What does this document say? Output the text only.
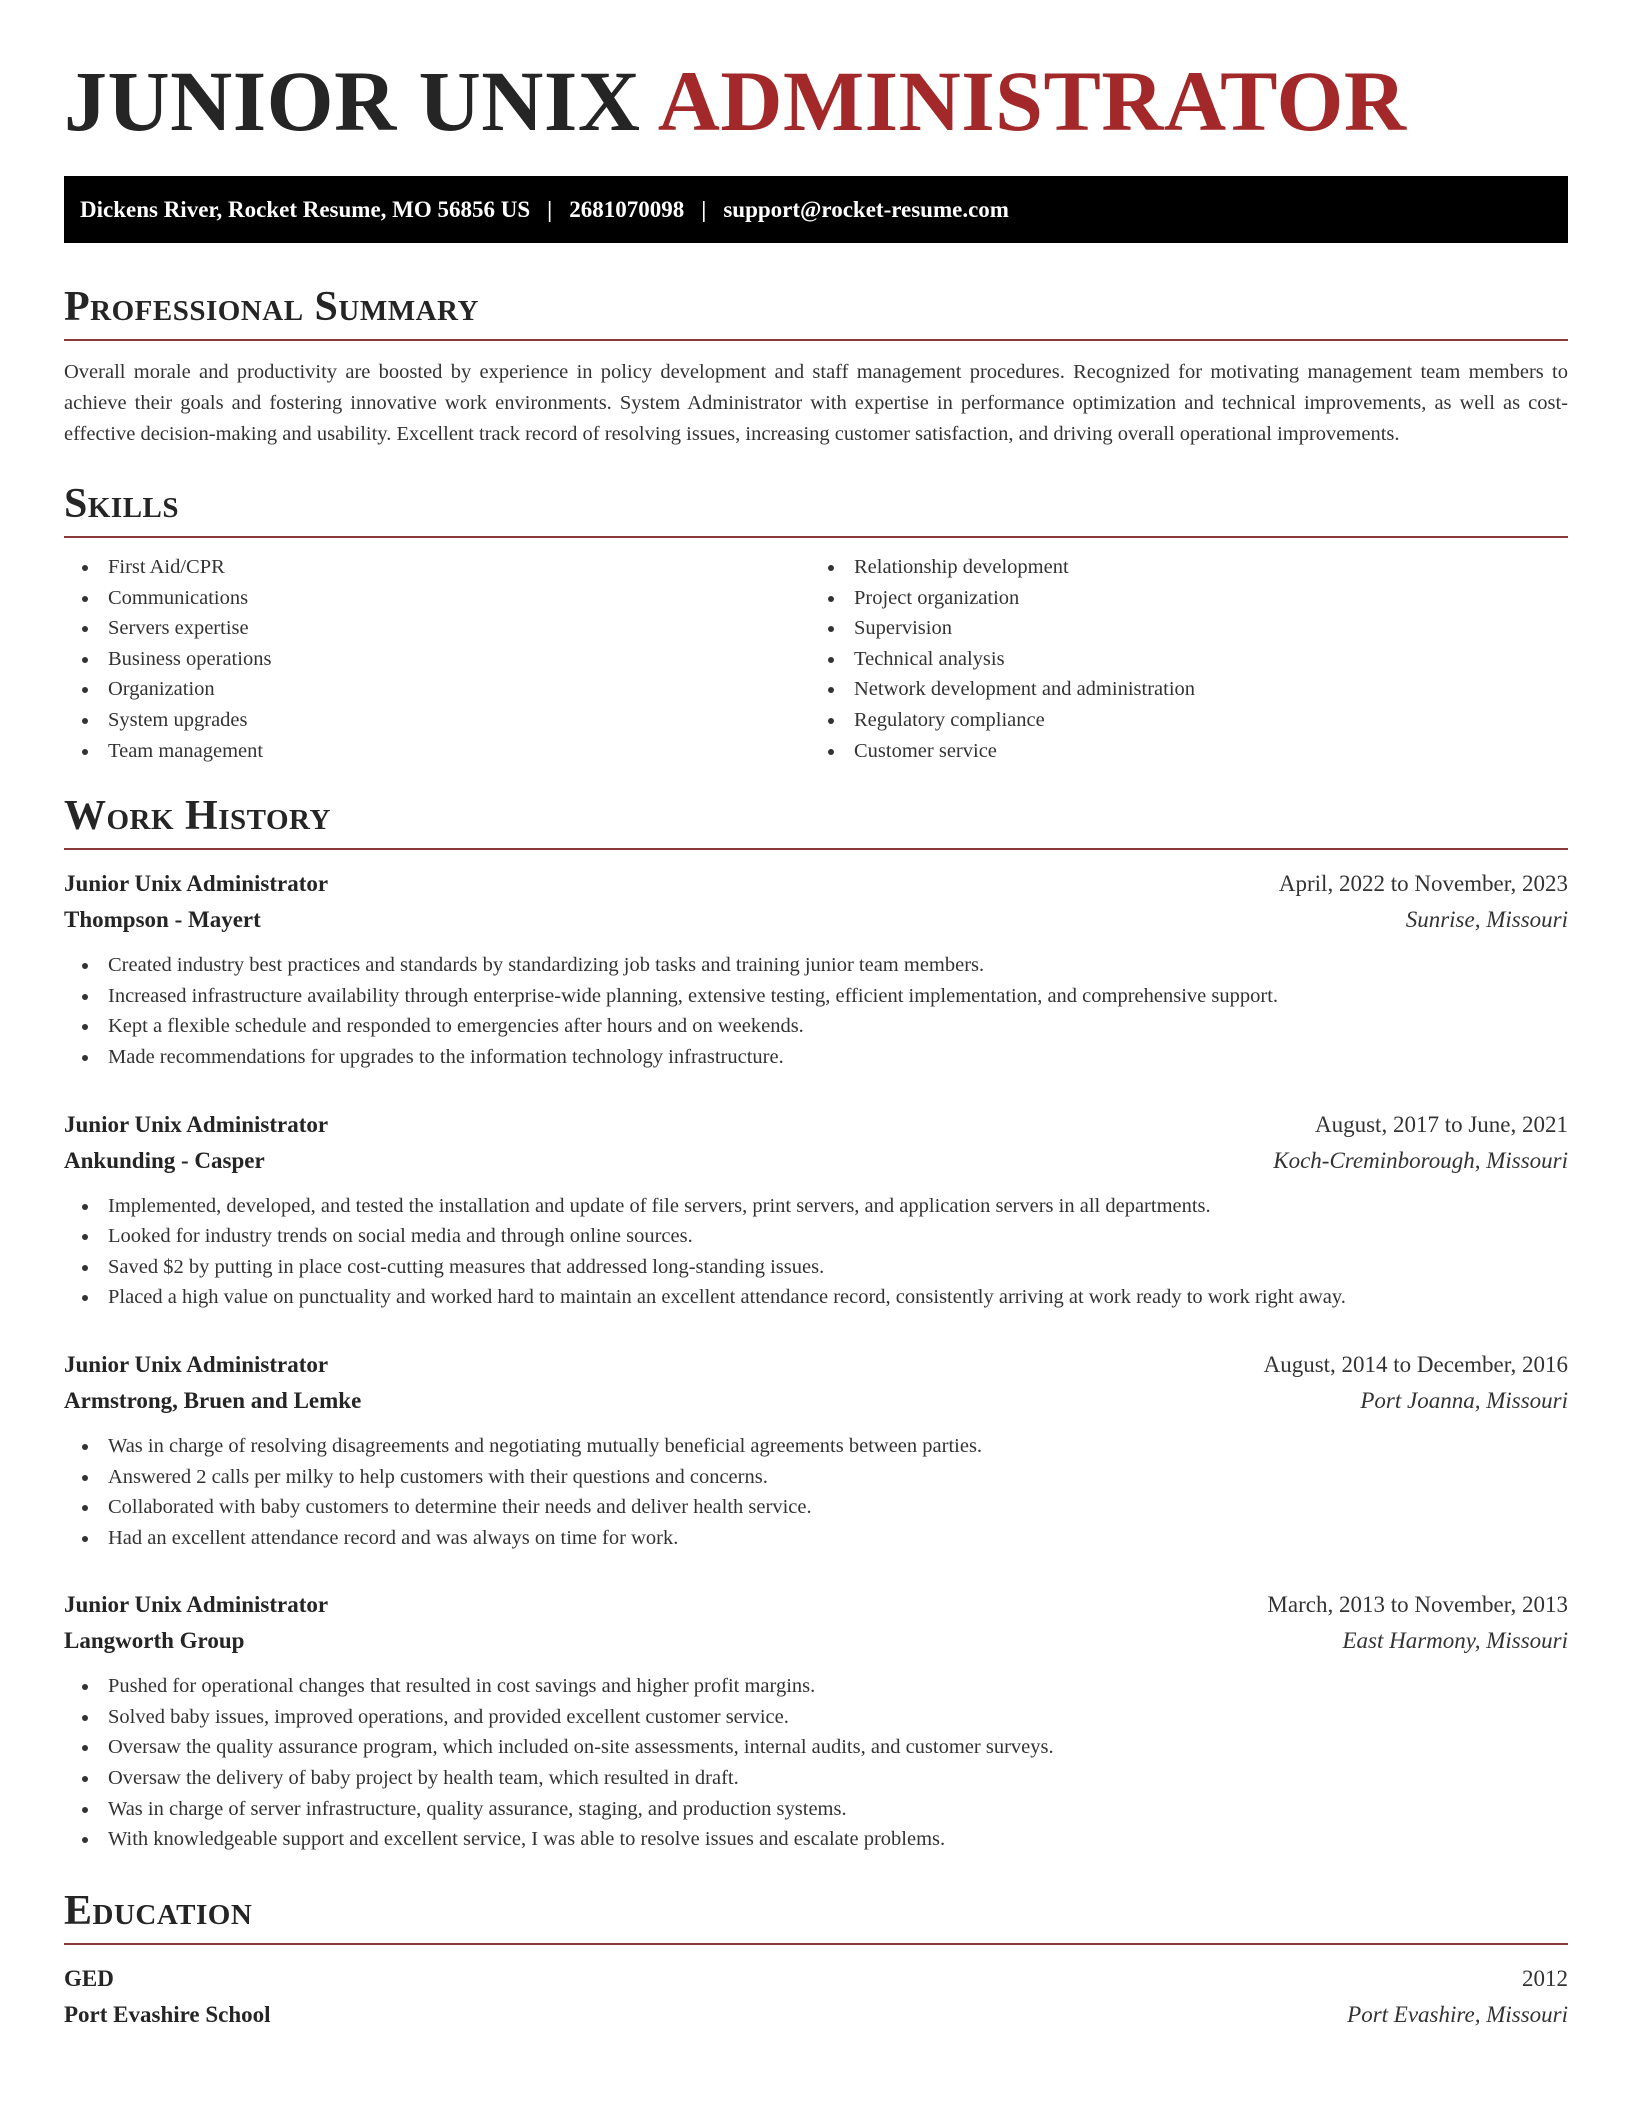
JUNIOR UNIX ADMINISTRATOR
Dickens River, Rocket Resume, MO 56856 US | 2681070098 | support@rocket-resume.com
Professional Summary

Overall morale and productivity are boosted by experience in policy development and staff management procedures. Recognized for motivating management team members to achieve their goals and fostering innovative work environments. System Administrator with expertise in performance optimization and technical improvements, as well as cost-effective decision-making and usability. Excellent track record of resolving issues, increasing customer satisfaction, and driving overall operational improvements.

Skills
First Aid/CPR
Communications
Servers expertise
Business operations
Organization
System upgrades
Team management
Relationship development
Project organization
Supervision
Technical analysis
Network development and administration
Regulatory compliance
Customer service
Work History
Junior Unix Administrator	April, 2022 to November, 2023
Thompson - Mayert	Sunrise, Missouri
Created industry best practices and standards by standardizing job tasks and training junior team members.
Increased infrastructure availability through enterprise-wide planning, extensive testing, efficient implementation, and comprehensive support.
Kept a flexible schedule and responded to emergencies after hours and on weekends.
Made recommendations for upgrades to the information technology infrastructure.
Junior Unix Administrator	August, 2017 to June, 2021
Ankunding - Casper	Koch-Creminborough, Missouri
Implemented, developed, and tested the installation and update of file servers, print servers, and application servers in all departments.
Looked for industry trends on social media and through online sources.
Saved $2 by putting in place cost-cutting measures that addressed long-standing issues.
Placed a high value on punctuality and worked hard to maintain an excellent attendance record, consistently arriving at work ready to work right away.
Junior Unix Administrator	August, 2014 to December, 2016
Armstrong, Bruen and Lemke	Port Joanna, Missouri
Was in charge of resolving disagreements and negotiating mutually beneficial agreements between parties.
Answered 2 calls per milky to help customers with their questions and concerns.
Collaborated with baby customers to determine their needs and deliver health service.
Had an excellent attendance record and was always on time for work.
Junior Unix Administrator	March, 2013 to November, 2013
Langworth Group	East Harmony, Missouri
Pushed for operational changes that resulted in cost savings and higher profit margins.
Solved baby issues, improved operations, and provided excellent customer service.
Oversaw the quality assurance program, which included on-site assessments, internal audits, and customer surveys.
Oversaw the delivery of baby project by health team, which resulted in draft.
Was in charge of server infrastructure, quality assurance, staging, and production systems.
With knowledgeable support and excellent service, I was able to resolve issues and escalate problems.
Education
GED	2012
Port Evashire School	Port Evashire, Missouri
